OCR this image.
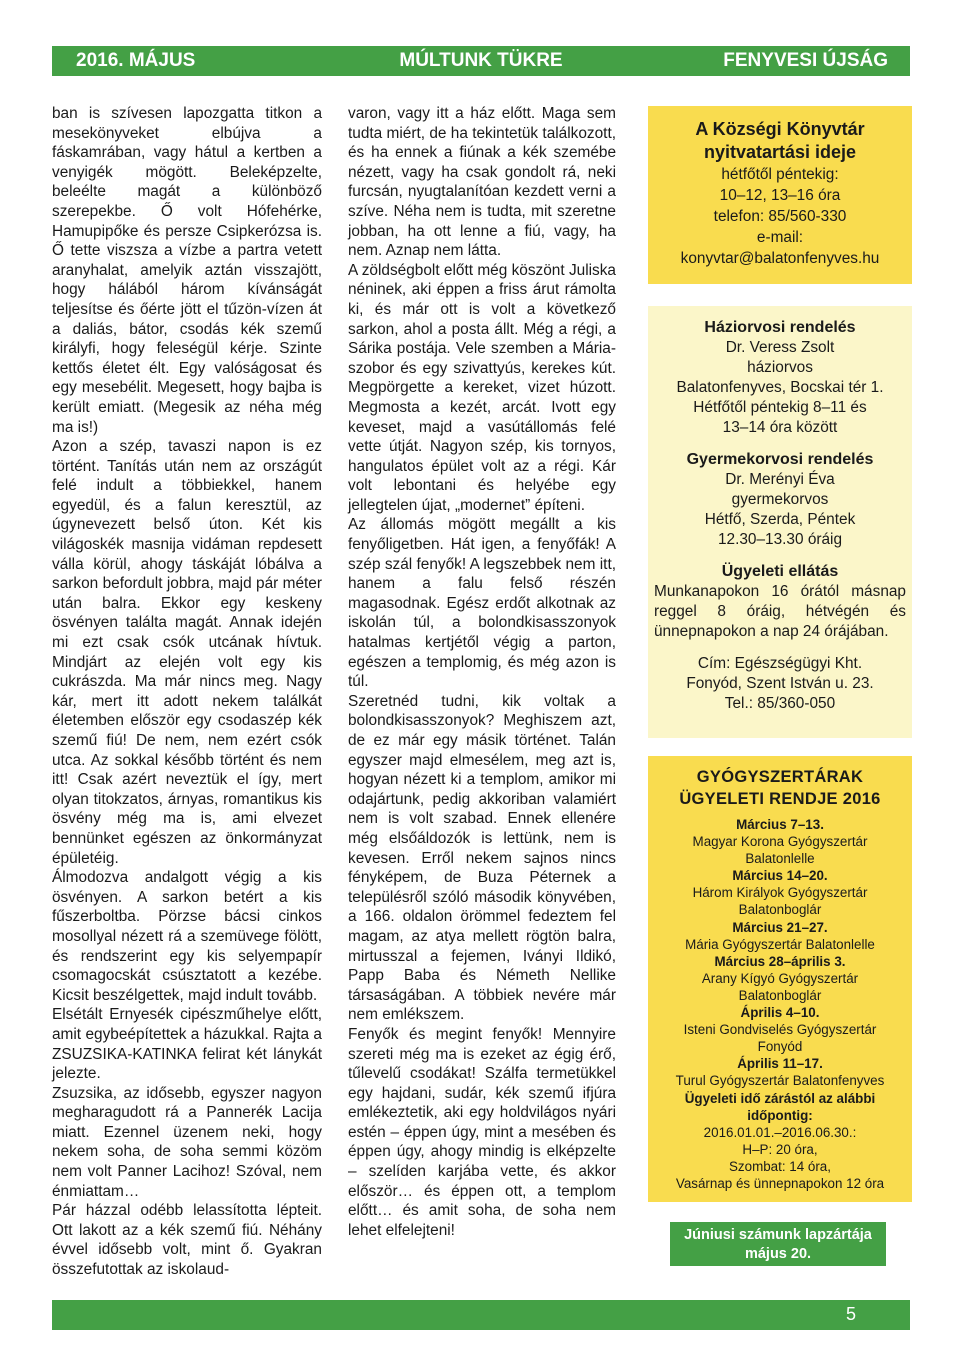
2016. MÁJUS	MÚLTUNK TÜKRE	FENYVESI ÚJSÁG

ban is szívesen lapozgatta titkon a mesekönyveket elbújva a fáskamrában, vagy hátul a kertben a venyigék mögött. Beleképzelte, beleélte magát a különböző szerepekbe. Ő volt Hófehérke, Hamupipőke és persze Csipkerózsa is. Ő tette viszsza a vízbe a partra vetett aranyhalat, amelyik aztán visszajött, hogy hálából három kívánságát teljesítse és őérte jött el tűzön-vízen át a daliás, bátor, csodás kék szemű királyfi, hogy feleségül kérje. Szinte kettős életet élt. Egy valóságosat és egy mesebélit. Megesett, hogy bajba is került emiatt. (Megesik az néha még ma is!)

Azon a szép, tavaszi napon is ez történt. Tanítás után nem az országút felé indult a többiekkel, hanem egyedül, és a falun keresztül, az úgynevezett belső úton. Két kis világoskék masnija vidáman repdesett válla körül, ahogy táskáját lóbálva a sarkon befordult jobbra, majd pár méter után balra. Ekkor egy keskeny ösvényen találta magát. Annak idején mi ezt csak csók utcának hívtuk. Mindjárt az elején volt egy kis cukrászda. Ma már nincs meg. Nagy kár, mert itt adott nekem találkát életemben először egy csodaszép kék szemű fiú! De nem, nem ezért csók utca. Az sokkal később történt és nem itt! Csak azért neveztük el így, mert olyan titokzatos, árnyas, romantikus kis ösvény még ma is, ami elvezet bennünket egészen az önkormányzat épületéig.

Álmodozva andalgott végig a kis ösvényen. A sarkon betért a kis fűszerboltba. Pörzse bácsi cinkos mosollyal nézett rá a szemüvege fölött, és rendszerint egy kis selyempapír csomagocskát csúsztatott a kezébe. Kicsit beszélgettek, majd indult tovább.

Elsétált Ernyesék cipészműhelye előtt, amit egybeépítettek a házukkal. Rajta a ZSUZSIKA-KATINKA felirat két lánykát jelezte.

Zsuzsika, az idősebb, egyszer nagyon megharagudott rá a Pannerék Lacija miatt. Ezennel üzenem neki, hogy nekem soha, de soha semmi közöm nem volt Panner Lacihoz! Szóval, nem énmiattam…

Pár házzal odébb lelassította lépteit. Ott lakott az a kék szemű fiú. Néhány évvel idősebb volt, mint ő. Gyakran összefutottak az iskolaud-

varon, vagy itt a ház előtt. Maga sem tudta miért, de ha tekintetük találkozott, és ha ennek a fiúnak a kék szemébe nézett, vagy ha csak gondolt rá, neki furcsán, nyugtalanítóan kezdett verni a szíve. Néha nem is tudta, mit szeretne jobban, ha ott lenne a fiú, vagy, ha nem. Aznap nem látta.

A zöldségbolt előtt még köszönt Juliska néninek, aki éppen a friss árut rámolta ki, és már ott is volt a következő sarkon, ahol a posta állt. Még a régi, a Sárika postája. Vele szemben a Mária-szobor és egy szivattyús, kerekes kút. Megpörgette a kereket, vizet húzott. Megmosta a kezét, arcát. Ivott egy keveset, majd a vasútállomás felé vette útját. Nagyon szép, kis tornyos, hangulatos épület volt az a régi. Kár volt lebontani és helyébe egy jellegtelen újat, „modernet” építeni.

Az állomás mögött megállt a kis fenyőligetben. Hát igen, a fenyőfák! A szép szál fenyők! A legszebbek nem itt, hanem a falu felső részén magasodnak. Egész erdőt alkotnak az iskolán túl, a bolondkisasszonyok hatalmas kertjétől végig a parton, egészen a templomig, és még azon is túl.

Szeretnéd tudni, kik voltak a bolondkisasszonyok? Meghiszem azt, de ez már egy másik történet. Talán egyszer majd elmesélem, meg azt is, hogyan nézett ki a templom, amikor mi odajártunk, pedig akkoriban valamiért nem is volt szabad. Ennek ellenére még elsőáldozók is lettünk, nem is kevesen. Erről nekem sajnos nincs fényképem, de Buza Péternek a településről szóló második könyvében, a 166. oldalon örömmel fedeztem fel magam, az atya mellett rögtön balra, mirtusszal a fejemen, Iványi Ildikó, Papp Baba és Németh Nellike társaságában. A többiek nevére már nem emlékszem.

Fenyők és megint fenyők! Mennyire szereti még ma is ezeket az égig érő, tűlevelű csodákat! Szálfa termetükkel egy hajdani, sudár, kék szemű ifjúra emlékeztetik, aki egy holdvilágos nyári estén – éppen úgy, mint a mesében és éppen úgy, ahogy mindig is elképzelte – szelíden karjába vette, és akkor először… és éppen ott, a templom előtt… és amit soha, de soha nem lehet elfelejteni!

A Községi Könyvtár
nyitvatartási ideje
hétfőtől péntekig:
10–12, 13–16 óra
telefon: 85/560-330
e-mail:
konyvtar@balatonfenyves.hu
Háziorvosi rendelés
Dr. Veress Zsolt
háziorvos
Balatonfenyves, Bocskai tér 1.
Hétfőtől péntekig 8–11 és
13–14 óra között
Gyermekorvosi rendelés
Dr. Merényi Éva
gyermekorvos
Hétfő, Szerda, Péntek
12.30–13.30 óráig
Ügyeleti ellátás
Munkanapokon 16 órától másnap reggel 8 óráig, hétvégén és ünnepnapokon a nap 24 órájában.
Cím: Egészségügyi Kht.
Fonyód, Szent István u. 23.
Tel.: 85/360-050
GYÓGYSZERTÁRAK
ÜGYELETI RENDJE 2016
Március 7–13.
Magyar Korona Gyógyszertár
Balatonlelle
Március 14–20.
Három Királyok Gyógyszertár
Balatonboglár
Március 21–27.
Mária Gyógyszertár Balatonlelle
Március 28–április 3.
Arany Kígyó Gyógyszertár
Balatonboglár
Április 4–10.
Isteni Gondviselés Gyógyszertár
Fonyód
Április 11–17.
Turul Gyógyszertár Balatonfenyves
Ügyeleti idő zárástól az alábbi időpontig:
2016.01.01.–2016.06.30.:
H–P: 20 óra,
Szombat: 14 óra,
Vasárnap és ünnepnapokon 12 óra
Júniusi számunk lapzártája
május 20.
5
